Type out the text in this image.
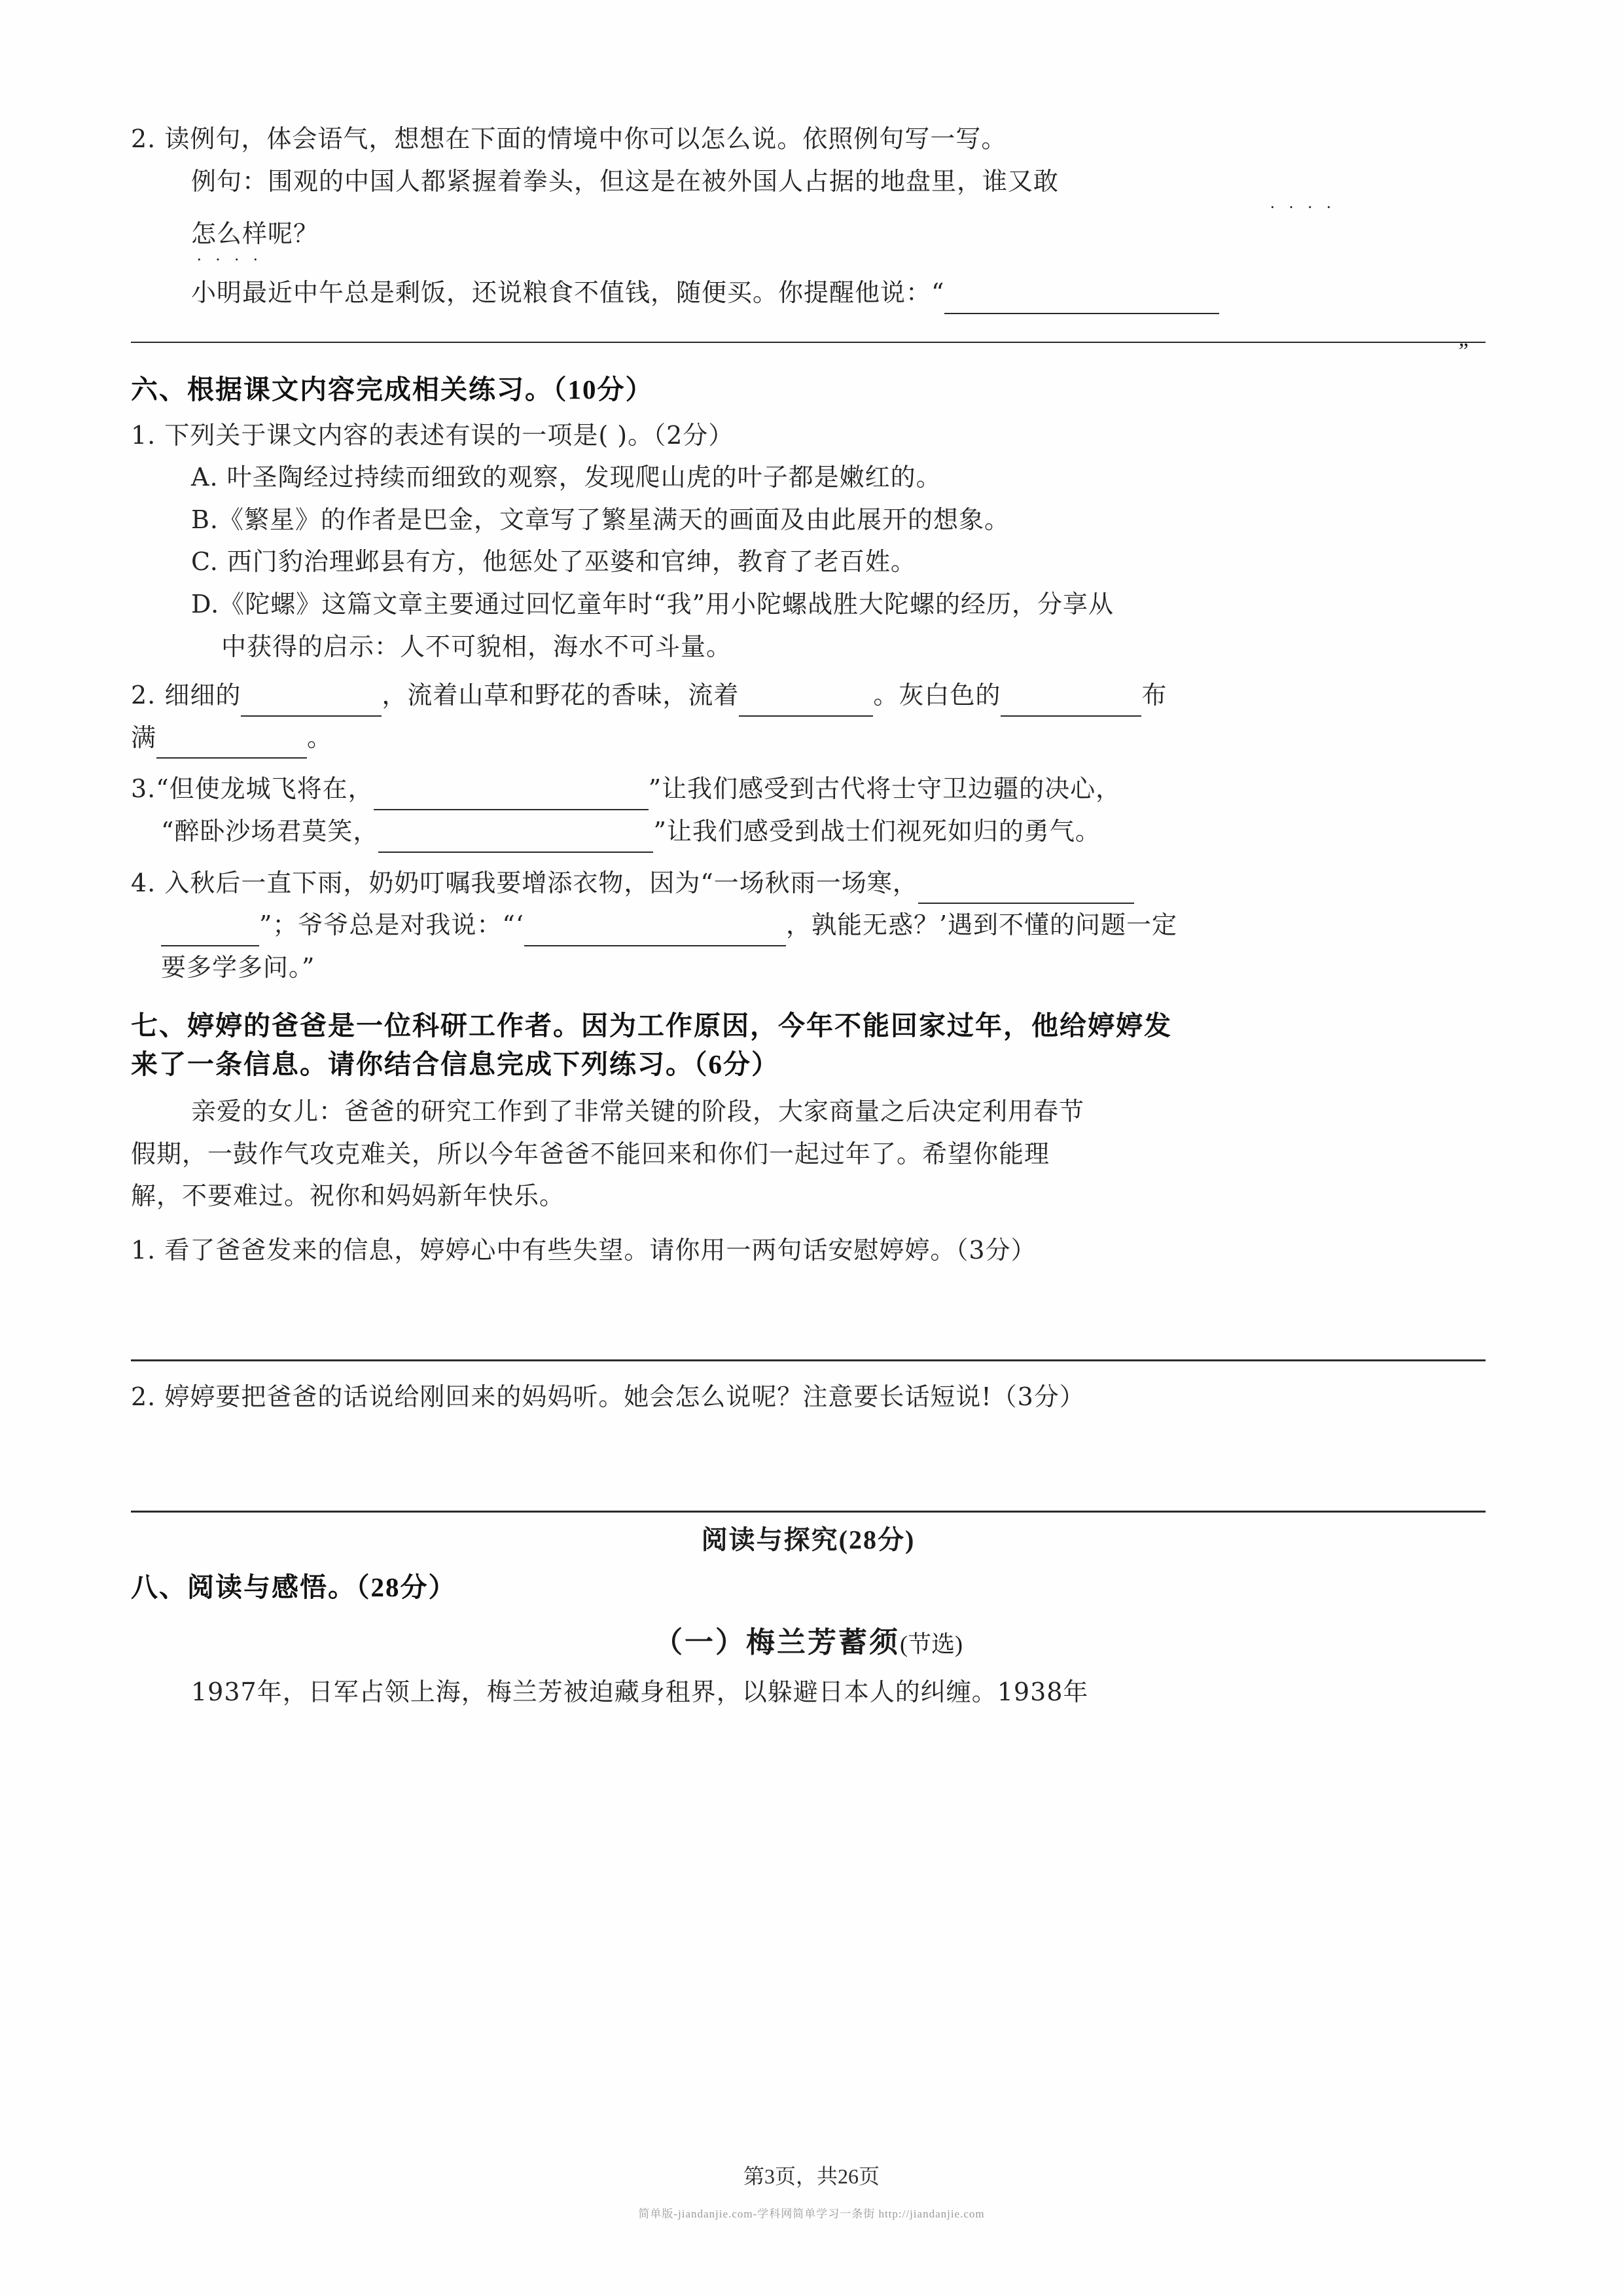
2. 读例句，体会语气，想想在下面的情境中你可以怎么说。依照例句写一写。
例句：围观的中国人都紧握着拳头，但这是在被外国人占据的地盘里，谁又敢
····
怎么样呢？
····
小明最近中午总是剩饭，还说粮食不值钱，随便买。你提醒他说：“
”
六、根据课文内容完成相关练习。（10分）
1. 下列关于课文内容的表述有误的一项是( )。（2分）
A. 叶圣陶经过持续而细致的观察，发现爬山虎的叶子都是嫩红的。
B.《繁星》的作者是巴金，文章写了繁星满天的画面及由此展开的想象。
C. 西门豹治理邺县有方，他惩处了巫婆和官绅，教育了老百姓。
D.《陀螺》这篇文章主要通过回忆童年时“我”用小陀螺战胜大陀螺的经历，分享从
中获得的启示：人不可貌相，海水不可斗量。
2. 细细的	，流着山草和野花的香味，流着	。灰白色的	布
满	。
3.“但使龙城飞将在，	”让我们感受到古代将士守卫边疆的决心，
“醉卧沙场君莫笑，	”让我们感受到战士们视死如归的勇气。
4. 入秋后一直下雨，奶奶叮嘱我要增添衣物，因为“一场秋雨一场寒，
”；爷爷总是对我说：“‘	，孰能无惑？’遇到不懂的问题一定
要多学多问。”
七、婷婷的爸爸是一位科研工作者。因为工作原因，今年不能回家过年，他给婷婷发
来了一条信息。请你结合信息完成下列练习。（6分）
亲爱的女儿：爸爸的研究工作到了非常关键的阶段，大家商量之后决定利用春节
假期，一鼓作气攻克难关，所以今年爸爸不能回来和你们一起过年了。希望你能理
解，不要难过。祝你和妈妈新年快乐。
1. 看了爸爸发来的信息，婷婷心中有些失望。请你用一两句话安慰婷婷。（3分）
2. 婷婷要把爸爸的话说给刚回来的妈妈听。她会怎么说呢？注意要长话短说!（3分）
阅读与探究(28分)
八、阅读与感悟。（28分）
（一）梅兰芳蓄须(节选)
1937年，日军占领上海，梅兰芳被迫藏身租界，以躲避日本人的纠缠。1938年
第3页，共26页
简单版-jiandanjie.com-学科网简单学习一条街 http://jiandanjie.com
